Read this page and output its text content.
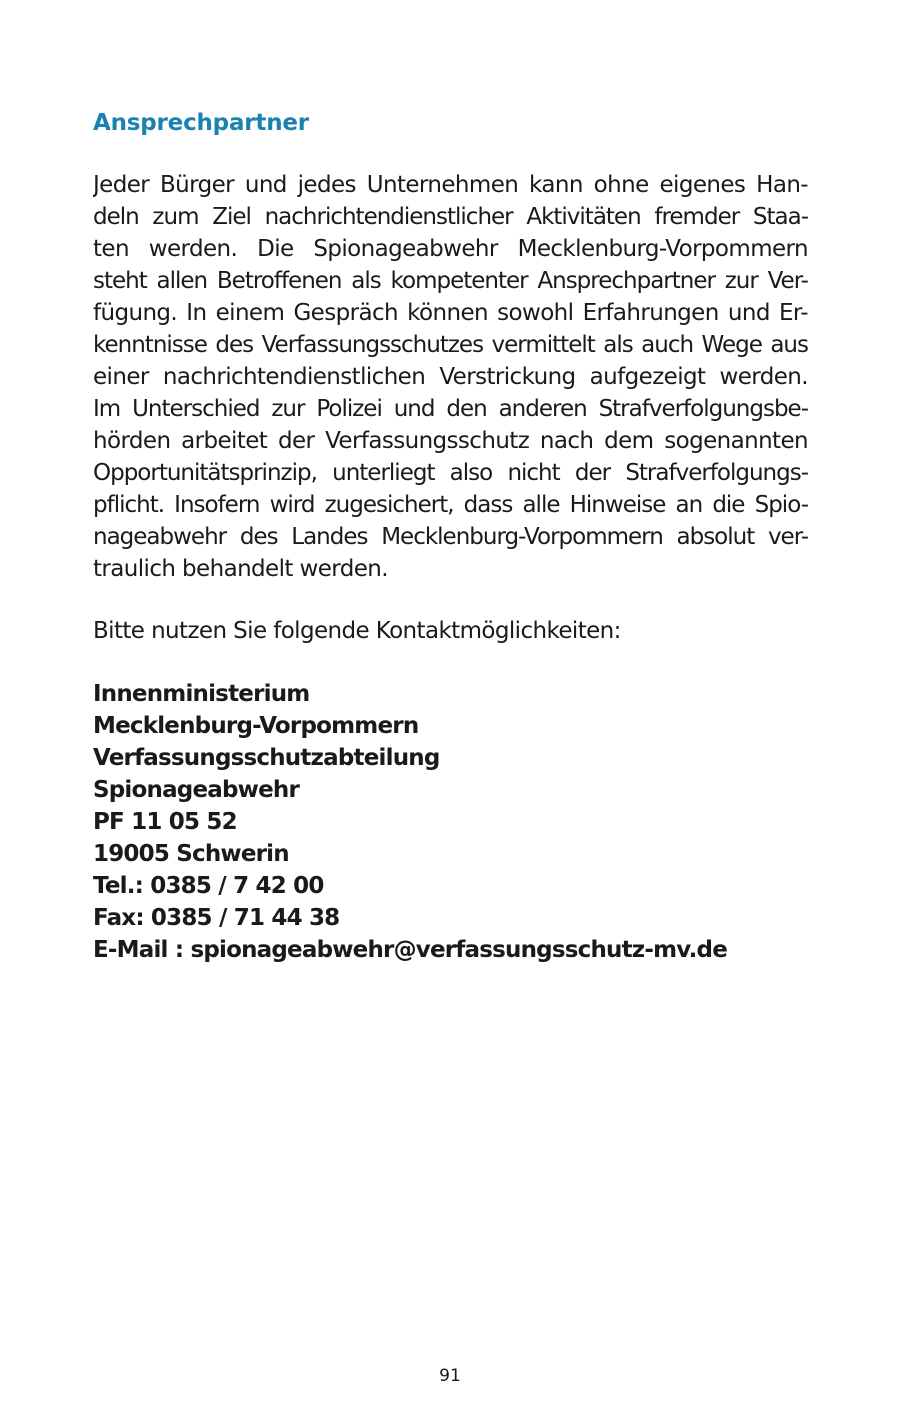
Ansprechpartner
Jeder Bürger und jedes Unternehmen kann ohne eigenes Han-
deln zum Ziel nachrichtendienstlicher Aktivitäten fremder Staa-
ten werden. Die Spionageabwehr Mecklenburg-Vorpommern
steht allen Betroffenen als kompetenter Ansprechpartner zur Ver-
fügung. In einem Gespräch können sowohl Erfahrungen und Er-
kenntnisse des Verfassungsschutzes vermittelt als auch Wege aus
einer nachrichtendienstlichen Verstrickung aufgezeigt werden.
Im Unterschied zur Polizei und den anderen Strafverfolgungsbe-
hörden arbeitet der Verfassungsschutz nach dem sogenannten
Opportunitätsprinzip, unterliegt also nicht der Strafverfolgungs-
pflicht. Insofern wird zugesichert, dass alle Hinweise an die Spio-
nageabwehr des Landes Mecklenburg-Vorpommern absolut ver-
traulich behandelt werden.
Bitte nutzen Sie folgende Kontaktmöglichkeiten:
Innenministerium
Mecklenburg-Vorpommern
Verfassungsschutzabteilung
Spionageabwehr
PF 11 05 52
19005 Schwerin
Tel.: 0385 / 7 42 00
Fax: 0385 / 71 44 38
E-Mail : spionageabwehr@verfassungsschutz-mv.de
91
